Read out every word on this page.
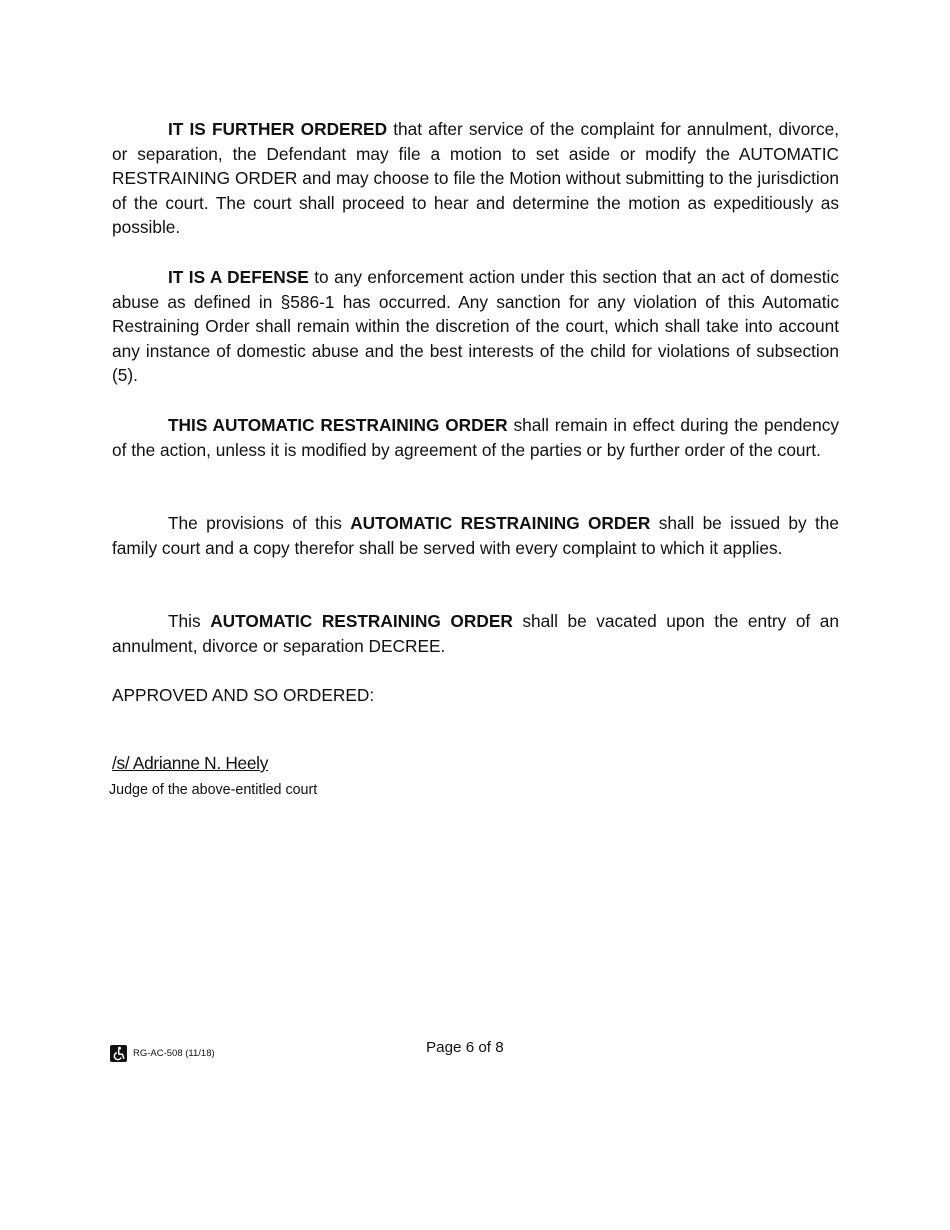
IT IS FURTHER ORDERED that after service of the complaint for annulment, divorce, or separation, the Defendant may file a motion to set aside or modify the AUTOMATIC RESTRAINING ORDER and may choose to file the Motion without submitting to the jurisdiction of the court. The court shall proceed to hear and determine the motion as expeditiously as possible.

IT IS A DEFENSE to any enforcement action under this section that an act of domestic abuse as defined in §586-1 has occurred. Any sanction for any violation of this Automatic Restraining Order shall remain within the discretion of the court, which shall take into account any instance of domestic abuse and the best interests of the child for violations of subsection (5).

THIS AUTOMATIC RESTRAINING ORDER shall remain in effect during the pendency of the action, unless it is modified by agreement of the parties or by further order of the court.

The provisions of this AUTOMATIC RESTRAINING ORDER shall be issued by the family court and a copy therefor shall be served with every complaint to which it applies.

This AUTOMATIC RESTRAINING ORDER shall be vacated upon the entry of an annulment, divorce or separation DECREE.

APPROVED AND SO ORDERED:

/s/ Adrianne N. Heely

Judge of the above-entitled court

RG-AC-508 (11/18)	Page 6 of 8
